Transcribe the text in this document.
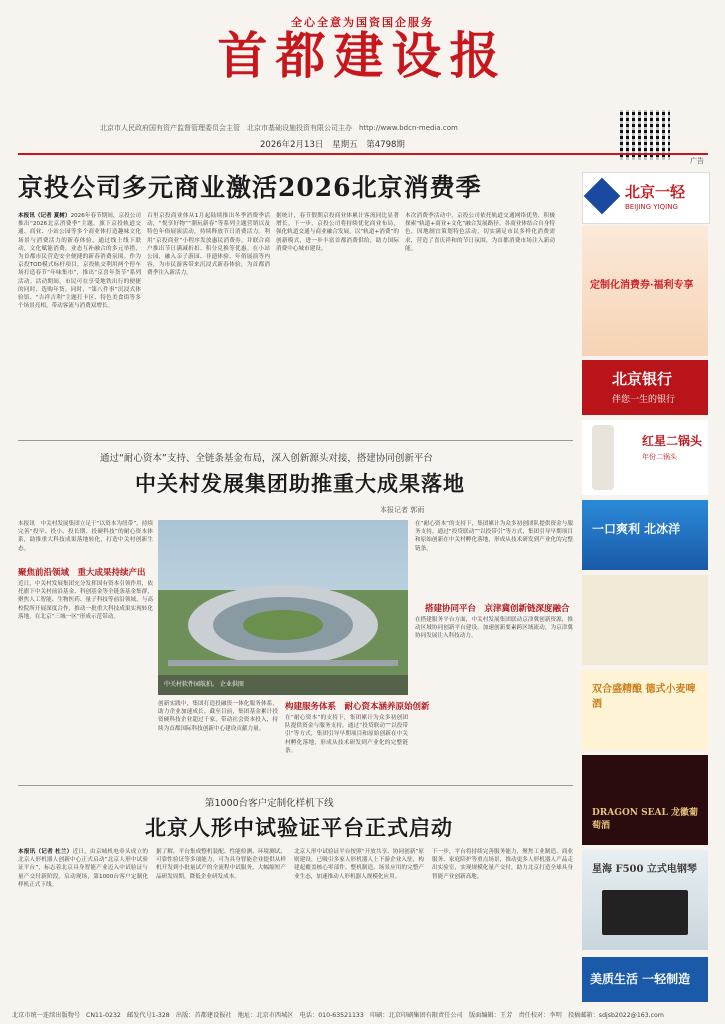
全心全意为国资国企服务
首都建设报
北京市人民政府国有资产监督管理委员会主管　北京市基础设施投资有限公司主办　 http://www.bdcn-media.com
2026年2月13日 星期五 第4798期
广告
京投公司多元商业激活2026北京消费季
本报讯（记者 夏树）2026年春节期间，京投公司推出“2026北京消费季”主题，旗下京投轨道交通、商业、小站公园等多个商业体打造趣味文化场景与消费活力的新春体验，通过线上线下联动，文化赋能消费，业态互补融合的多元举措，为首都市民营造安全便捷的新春消费氛围。作为京投TOD模式标杆项目，京投轨交利用两个停车场打造春节“年味集市”，推出“京喜年货节”系列活动。活动期间，市民可在享受地铁出行的便捷的同时，选购年货。同时，“第八件事”沉浸式体验馆、“吉祥吉利”主题打卡区、特色美食街等多个场景亮相，带动客流与消费双增长。
百里京投商业体从1月起陆续推出冬季消费季活动，“悦享好物”“潮玩新春”等系列主题营销以及特色年俗展演活动，持续释放节日消费活力。利用“京投商业”小程序发放惠民消费券，并联合商户推出节日满减折扣、积分兑换等优惠。在小站公园，融入亲子游园、非遗体验、年俗展演等内容，为市民游客带来沉浸式新春体验，为首都消费季注入新活力。
据统计，春节假期京投商业体累计客流同比显著增长。下一步，京投公司将持续优化商业布局，强化轨道交通与商业融合发展，以“轨道+消费”的创新模式，进一步丰富首都消费供给，助力国际消费中心城市建设。
本次消费季活动中，京投公司依托轨道交通网络优势，积极探索“轨道+商业+文化”融合发展路径。各商业体结合自身特色，因地制宜策划特色活动，切实满足市民多样化消费需求，营造了喜庆祥和的节日氛围，为首都消费市场注入新动能。
通过“耐心资本”支持、全链条基金布局，深入创新源头对接，搭建协同创新平台
中关村发展集团助推重大成果落地
本报记者 郭雨
本报讯　中关村发展集团立足于“以资本为纽带”，持续完善“投早、投小、投长期、投硬科技”的耐心资本体系，助推重大科技成果落地转化，打造中关村创新生态。
聚焦前沿领域　重大成果持续产出
近日，中关村发展集团充分发挥国有资本引领作用，依托旗下中关村前沿基金、科创基金等全链条基金集群，聚焦人工智能、生物医药、量子科技等前沿领域，与高校院所开展深度合作，推动一批重大科技成果实现转化落地，在北京“三城一区”形成示范带动。
中关村软件园航拍。 企业供图
创新实践中，集团打造投融资一体化服务体系，助力企业加速成长。截至目前，集团基金累计投资硬科技企业超过千家，带动社会资本投入，持续为首都国际科技创新中心建设贡献力量。
构建服务体系　耐心资本涵养原始创新
在“耐心资本”的支持下，集团累计为众多初创团队提供资金与服务支持。通过“投贷联动”“以投带引”等方式，集团引导早期项目和原始创新在中关村孵化落地，形成从技术研发到产业化的完整链条。
在“耐心资本”的支持下，集团累计为众多初创团队提供资金与服务支持。通过“投贷联动”“以投带引”等方式，集团引导早期项目和原始创新在中关村孵化落地，形成从技术研发到产业化的完整链条。
搭建协同平台　京津冀创新链深度融合
在搭建服务平台方面，中关村发展集团联动京津冀创新资源，推动区域协同创新平台建设，加速创新要素跨区域流动，为京津冀协同发展注入科技动力。
第1000台客户定制化样机下线
北京人形中试验证平台正式启动
本报讯（记者 杜兰）近日，由京城机电牵头成立的北京人形机器人创新中心正式启动“北京人形中试验证平台”，标志着北京具身智能产业迈入中试验证与量产交付新阶段。启动现场，第1000台客户定制化样机正式下线。
据了解，平台集成整机装配、性能检测、环境测试、可靠性验证等多项能力，可为具身智能企业提供从样机开发到小批量试产的全流程中试服务，大幅缩短产品研发周期，降低企业研发成本。
北京人形中试验证平台按照“开放共享、协同创新”原则建设，已吸引多家人形机器人上下游企业入驻，构建起覆盖核心零部件、整机制造、场景应用的完整产业生态，加速推动人形机器人规模化应用。
下一步，平台将持续完善服务能力，聚焦工业制造、商业服务、家庭陪护等重点场景，推动更多人形机器人产品走出实验室，实现规模化量产交付，助力北京打造全球具身智能产业创新高地。
北京一轻
BEIJING YIQING
定制化消费券·福利专享
北京银行
伴您一生的银行
红星二锅头
年份二锅头
一口爽利 北冰洋
双合盛精酿 德式小麦啤酒
DRAGON SEAL 龙徽葡萄酒
星海 F500 立式电钢琴
美质生活 一轻制造
北京市统一连续出版物号 CN11-0232　邮发代号1-328　出版：首都建设报社　地址：北京市西城区　电话：010-63521133　印刷：北京印刷集团有限责任公司　版面编辑：王芳　责任校对：李明　投稿邮箱：sdjsb2022@163.com
